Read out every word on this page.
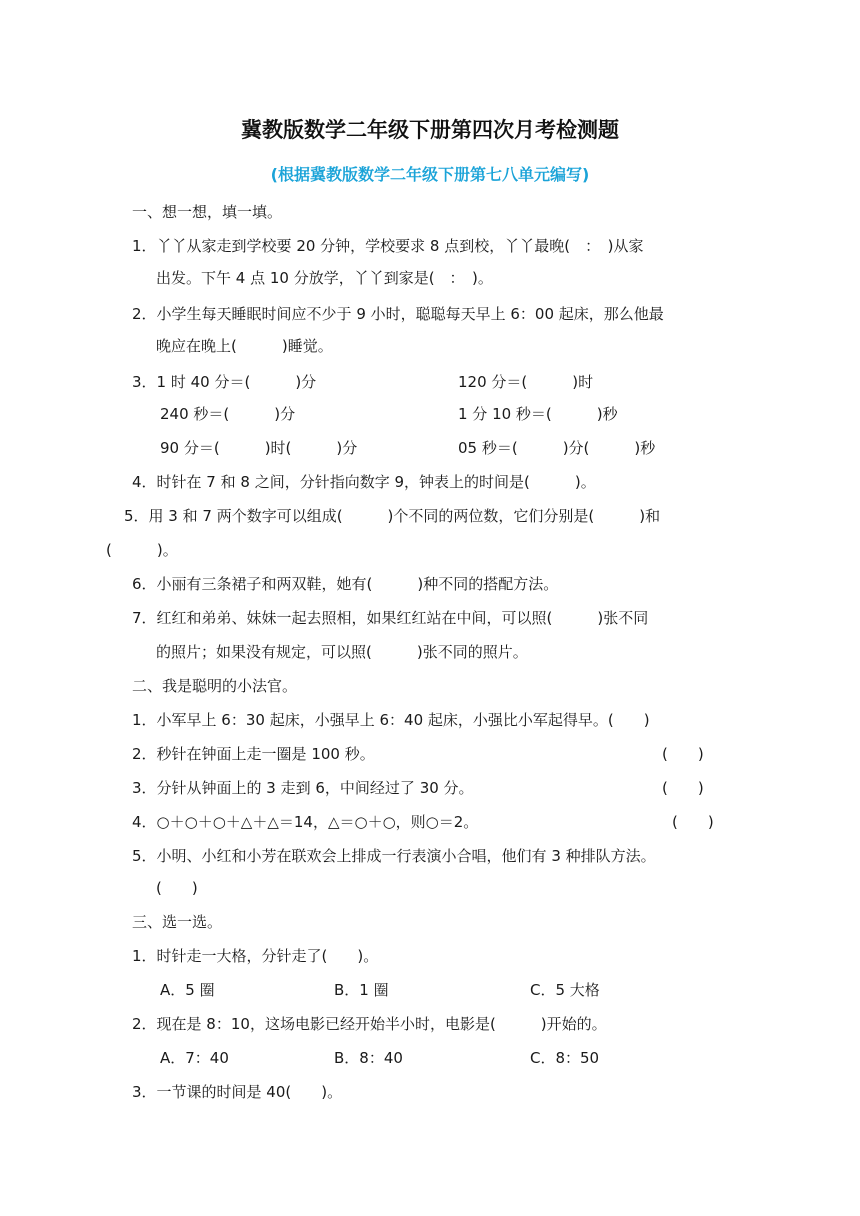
冀教版数学二年级下册第四次月考检测题
(根据冀教版数学二年级下册第七八单元编写)
一、想一想，填一填。
1．丫丫从家走到学校要 20 分钟，学校要求 8 点到校，丫丫最晚(　：　)从家
出发。下午 4 点 10 分放学，丫丫到家是(　：　)。
2．小学生每天睡眠时间应不少于 9 小时，聪聪每天早上 6：00 起床，那么他最
晚应在晚上(　　　)睡觉。
3．1 时 40 分＝(　　　)分	120 分＝(　　　)时
240 秒＝(　　　)分	1 分 10 秒＝(　　　)秒
90 分＝(　　　)时(　　　)分	05 秒＝(　　　)分(　　　)秒
4．时针在 7 和 8 之间，分针指向数字 9，钟表上的时间是(　　　)。
5．用 3 和 7 两个数字可以组成(　　　)个不同的两位数，它们分别是(　　　)和
(　　　)。
6．小丽有三条裙子和两双鞋，她有(　　　)种不同的搭配方法。
7．红红和弟弟、妹妹一起去照相，如果红红站在中间，可以照(　　　)张不同
的照片；如果没有规定，可以照(　　　)张不同的照片。
二、我是聪明的小法官。
1．小军早上 6：30 起床，小强早上 6：40 起床，小强比小军起得早。(　　)
2．秒针在钟面上走一圈是 100 秒。	(　　)
3．分针从钟面上的 3 走到 6，中间经过了 30 分。	(　　)
4．○＋○＋○＋△＋△＝14，△＝○＋○，则○＝2。	(　　)
5．小明、小红和小芳在联欢会上排成一行表演小合唱，他们有 3 种排队方法。
(　　)
三、选一选。
1．时针走一大格，分针走了(　　)。
A．5 圈	B．1 圈	C．5 大格
2．现在是 8：10，这场电影已经开始半小时，电影是(　　　)开始的。
A．7：40	B．8：40	C．8：50
3．一节课的时间是 40(　　)。
